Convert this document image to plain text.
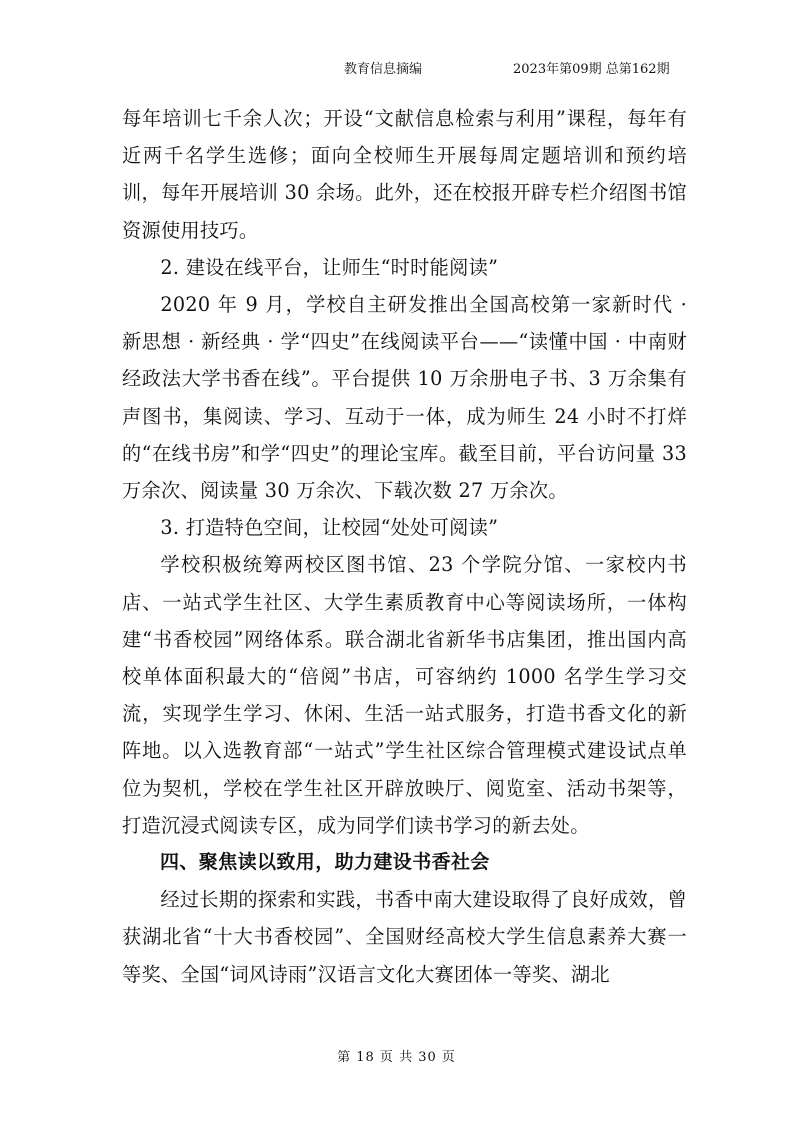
教育信息摘编	2023年第09期 总第162期

每年培训七千余人次；开设“文献信息检索与利用”课程，每年有近两千名学生选修；面向全校师生开展每周定题培训和预约培训，每年开展培训 30 余场。此外，还在校报开辟专栏介绍图书馆资源使用技巧。

2. 建设在线平台，让师生“时时能阅读”

2020 年 9 月，学校自主研发推出全国高校第一家新时代 · 新思想 · 新经典 · 学“四史”在线阅读平台——“读懂中国 · 中南财经政法大学书香在线”。平台提供 10 万余册电子书、3 万余集有声图书，集阅读、学习、互动于一体，成为师生 24 小时不打烊的“在线书房”和学“四史”的理论宝库。截至目前，平台访问量 33 万余次、阅读量 30 万余次、下载次数 27 万余次。

3. 打造特色空间，让校园“处处可阅读”

学校积极统筹两校区图书馆、23 个学院分馆、一家校内书店、一站式学生社区、大学生素质教育中心等阅读场所，一体构建“书香校园”网络体系。联合湖北省新华书店集团，推出国内高校单体面积最大的“倍阅”书店，可容纳约 1000 名学生学习交流，实现学生学习、休闲、生活一站式服务，打造书香文化的新阵地。以入选教育部“一站式”学生社区综合管理模式建设试点单位为契机，学校在学生社区开辟放映厅、阅览室、活动书架等，打造沉浸式阅读专区，成为同学们读书学习的新去处。

四、聚焦读以致用，助力建设书香社会

经过长期的探索和实践，书香中南大建设取得了良好成效，曾获湖北省“十大书香校园”、全国财经高校大学生信息素养大赛一等奖、全国“词风诗雨”汉语言文化大赛团体一等奖、湖北

第 18 页 共 30 页
